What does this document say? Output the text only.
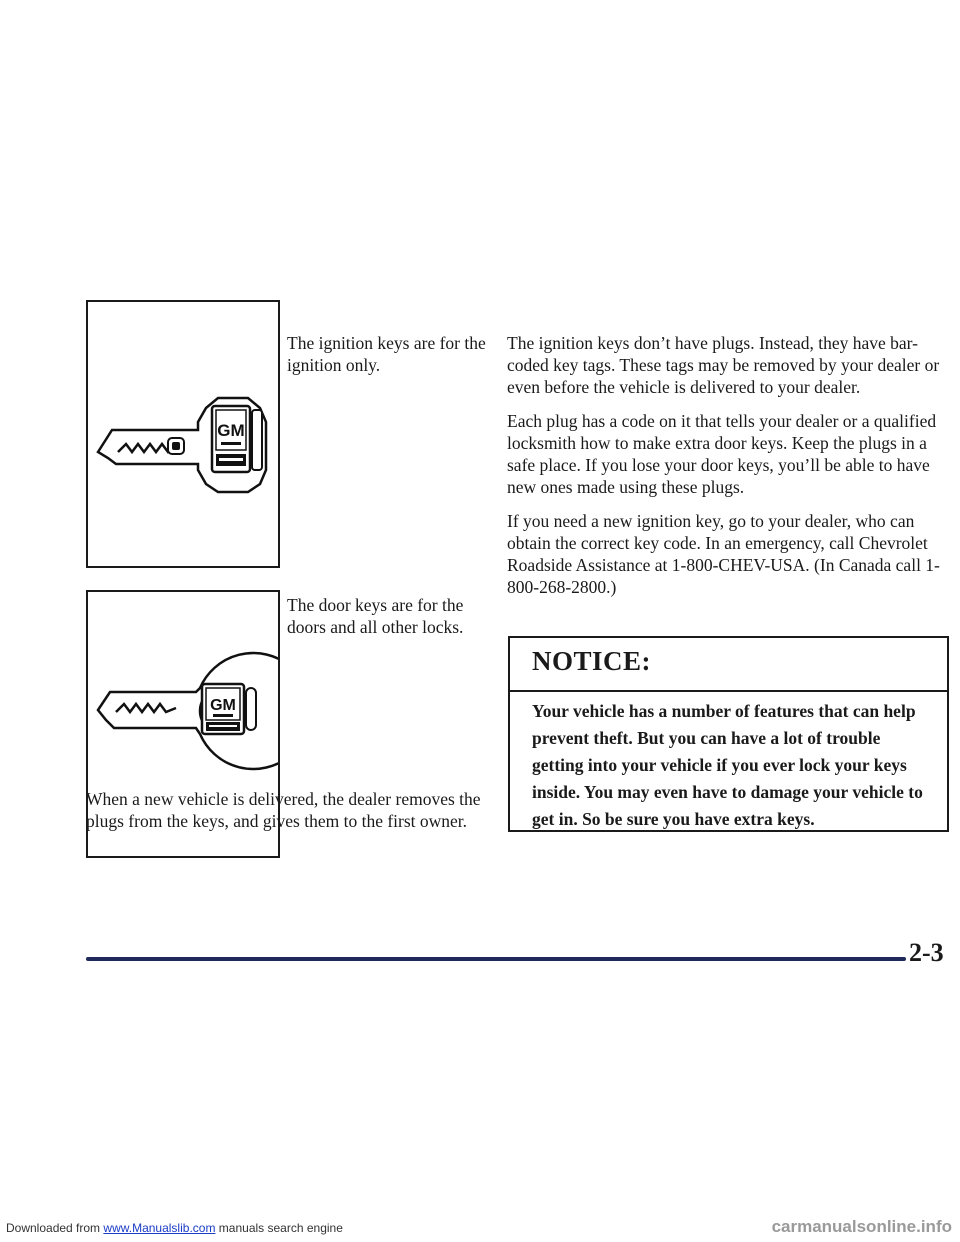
GM
The ignition keys are for the ignition only.
GM
The door keys are for the doors and all other locks.

The ignition keys don’t have plugs. Instead, they have bar-coded key tags. These tags may be removed by your dealer or even before the vehicle is delivered to your dealer.

Each plug has a code on it that tells your dealer or a qualified locksmith how to make extra door keys. Keep the plugs in a safe place. If you lose your door keys, you’ll be able to have new ones made using these plugs.

If you need a new ignition key, go to your dealer, who can obtain the correct key code. In an emergency, call Chevrolet Roadside Assistance at 1-800-CHEV-USA. (In Canada call 1-800-268-2800.)

NOTICE:
Your vehicle has a number of features that can help prevent theft. But you can have a lot of trouble getting into your vehicle if you ever lock your keys inside. You may even have to damage your vehicle to get in. So be sure you have extra keys.
When a new vehicle is delivered, the dealer removes the plugs from the keys, and gives them to the first owner.
2-3
Downloaded from www.Manualslib.com manuals search engine	carmanualsonline.info
